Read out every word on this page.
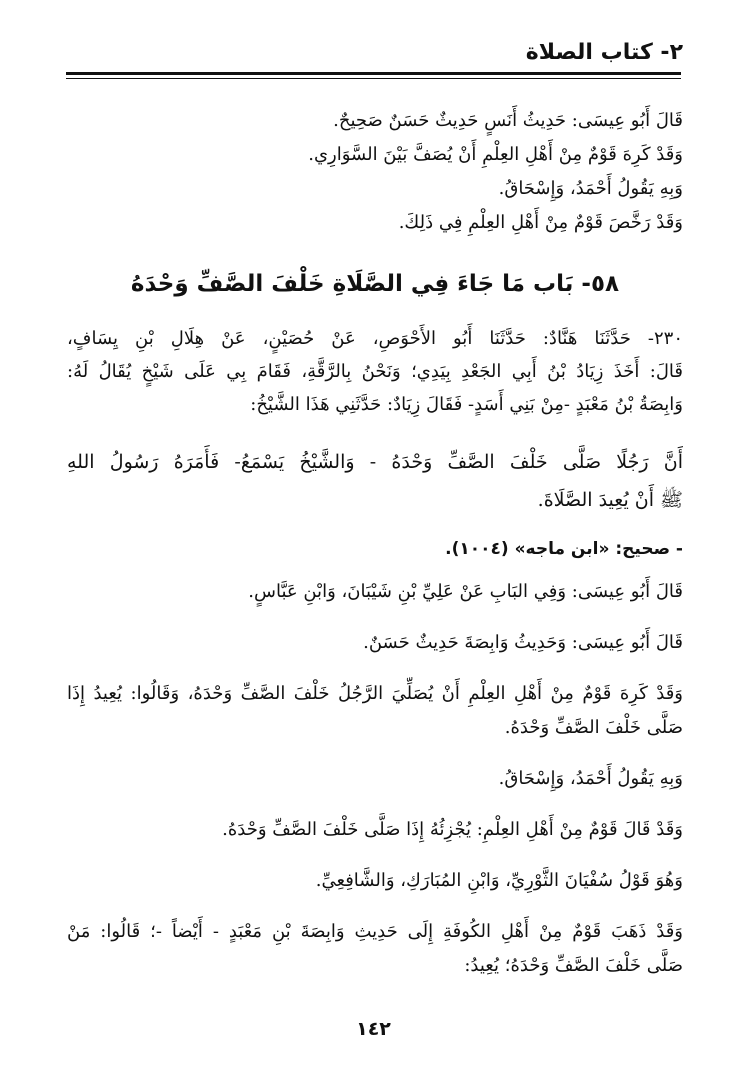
٢- كتاب الصلاة

قَالَ أَبُو عِيسَى: حَدِيثُ أَنَسٍ حَدِيثٌ حَسَنٌ صَحِيحٌ.

وَقَدْ كَرِهَ قَوْمٌ مِنْ أَهْلِ العِلْمِ أَنْ يُصَفَّ بَيْنَ السَّوَارِي.

وَبِهِ يَقُولُ أَحْمَدُ، وَإِسْحَاقُ.

وَقَدْ رَخَّصَ قَوْمٌ مِنْ أَهْلِ العِلْمِ فِي ذَلِكَ.

٥٨- بَاب مَا جَاءَ فِي الصَّلَاةِ خَلْفَ الصَّفِّ وَحْدَهُ

٢٣٠- حَدَّثَنَا هَنَّادٌ: حَدَّثَنَا أَبُو الأَحْوَصِ، عَنْ حُصَيْنٍ، عَنْ هِلَالِ بْنِ يِسَافٍ،

قَالَ: أَخَذَ زِيَادُ بْنُ أَبِي الجَعْدِ بِيَدِي؛ وَنَحْنُ بِالرَّقَّةِ، فَقَامَ بِي عَلَى شَيْخٍ يُقَالُ لَهُ:

وَابِصَةُ بْنُ مَعْبَدٍ -مِنْ بَنِي أَسَدٍ- فَقَالَ زِيَادٌ: حَدَّثَنِي هَذَا الشَّيْخُ:

أَنَّ رَجُلًا صَلَّى خَلْفَ الصَّفِّ وَحْدَهُ - وَالشَّيْخُ يَسْمَعُ- فَأَمَرَهُ رَسُولُ اللهِ

ﷺ أَنْ يُعِيدَ الصَّلَاةَ.

- صحيح: «ابن ماجه» (١٠٠٤).

قَالَ أَبُو عِيسَى: وَفِي البَابِ عَنْ عَلِيِّ بْنِ شَيْبَانَ، وَابْنِ عَبَّاسٍ.

قَالَ أَبُو عِيسَى: وَحَدِيثُ وَابِصَةَ حَدِيثٌ حَسَنٌ.

وَقَدْ كَرِهَ قَوْمٌ مِنْ أَهْلِ العِلْمِ أَنْ يُصَلِّيَ الرَّجُلُ خَلْفَ الصَّفِّ وَحْدَهُ، وَقَالُوا: يُعِيدُ إِذَا

صَلَّى خَلْفَ الصَّفِّ وَحْدَهُ.

وَبِهِ يَقُولُ أَحْمَدُ، وَإِسْحَاقُ.

وَقَدْ قَالَ قَوْمٌ مِنْ أَهْلِ العِلْمِ: يُجْزِئُهُ إِذَا صَلَّى خَلْفَ الصَّفِّ وَحْدَهُ.

وَهُوَ قَوْلُ سُفْيَانَ الثَّوْرِيِّ، وَابْنِ المُبَارَكِ، وَالشَّافِعِيِّ.

وَقَدْ ذَهَبَ قَوْمٌ مِنْ أَهْلِ الكُوفَةِ إِلَى حَدِيثِ وَابِصَةَ بْنِ مَعْبَدٍ - أَيْضاً -؛ قَالُوا: مَنْ

صَلَّى خَلْفَ الصَّفِّ وَحْدَهُ؛ يُعِيدُ:

١٤٢
